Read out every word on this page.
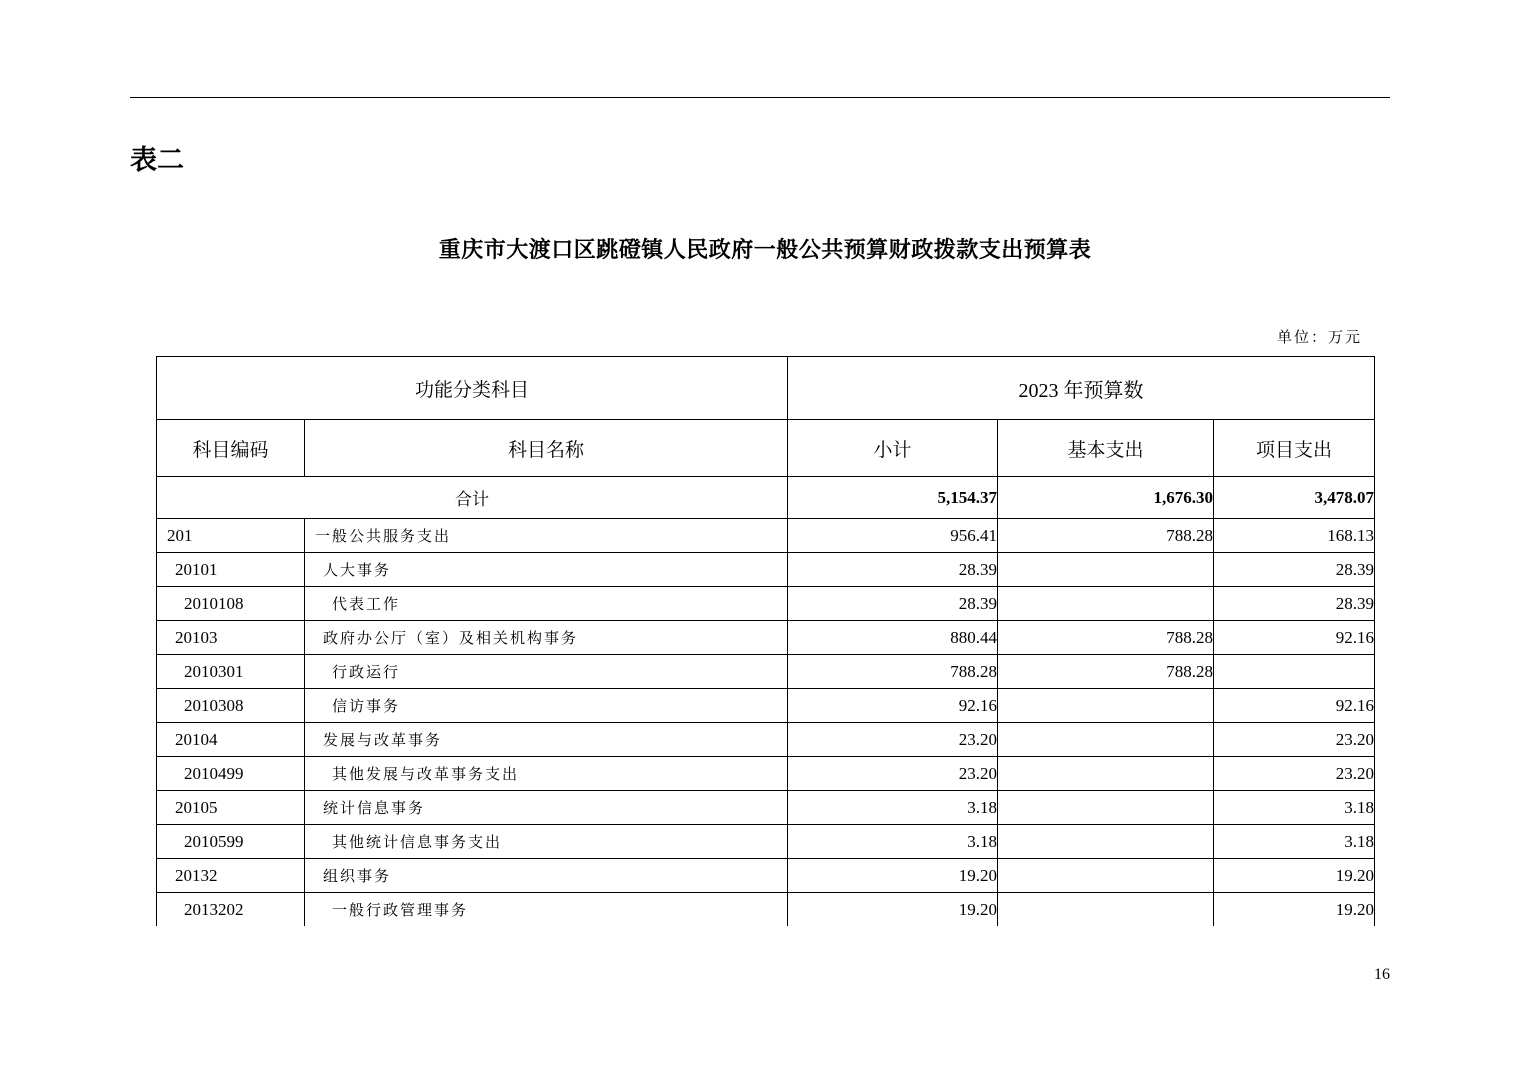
表二
重庆市大渡口区跳磴镇人民政府一般公共预算财政拨款支出预算表
单位：万元
功能分类科目		2023 年预算数		
科目编码	科目名称	小计	基本支出	项目支出
合计		5,154.37	1,676.30	3,478.07
201	一般公共服务支出	956.41	788.28	168.13
20101	人大事务	28.39		28.39
2010108	代表工作	28.39		28.39
20103	政府办公厅（室）及相关机构事务	880.44	788.28	92.16
2010301	行政运行	788.28	788.28	
2010308	信访事务	92.16		92.16
20104	发展与改革事务	23.20		23.20
2010499	其他发展与改革事务支出	23.20		23.20
20105	统计信息事务	3.18		3.18
2010599	其他统计信息事务支出	3.18		3.18
20132	组织事务	19.20		19.20
2013202	一般行政管理事务	19.20		19.20
16
